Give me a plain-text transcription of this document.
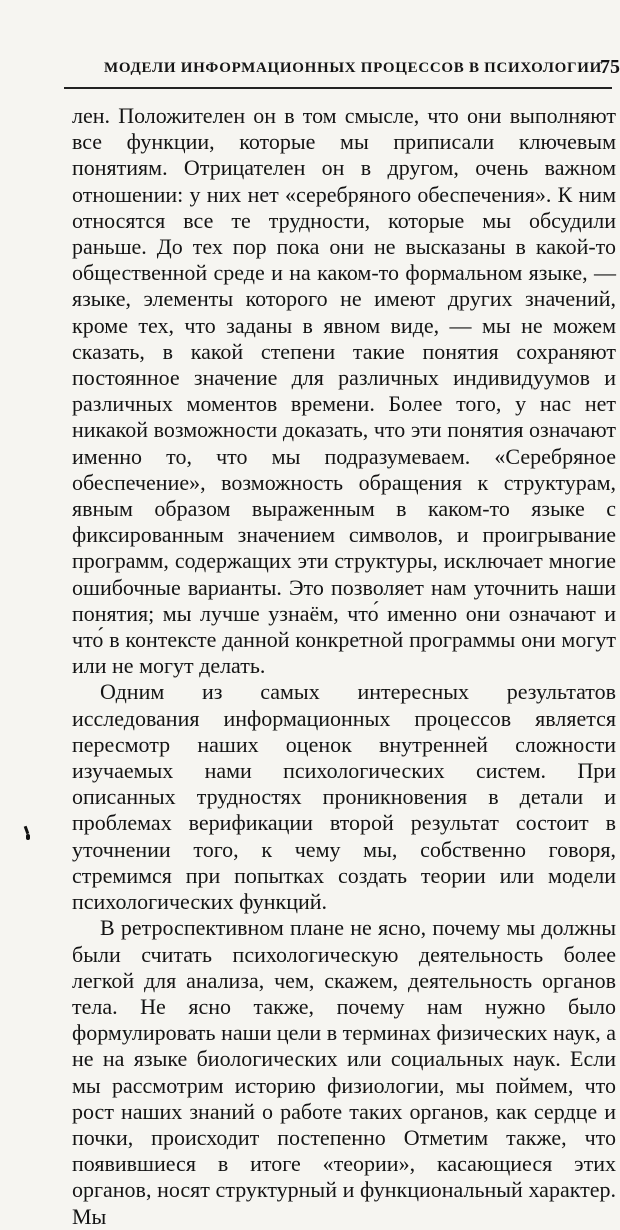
МОДЕЛИ ИНФОРМАЦИОННЫХ ПРОЦЕССОВ В ПСИХОЛОГИИ
75

лен. Положителен он в том смысле, что они выполняют все функции, которые мы приписали ключевым понятиям. Отрицателен он в другом, очень важном отношении: у них нет «серебряного обеспечения». К ним относятся все те трудности, которые мы обсудили раньше. До тех пор пока они не высказаны в какой-то общественной среде и на каком-то формальном языке, — языке, элементы которого не имеют других значений, кроме тех, что заданы в явном виде, — мы не можем сказать, в какой степени такие понятия сохраняют постоянное значение для различных индивидуумов и различных моментов времени. Более того, у нас нет никакой возможности доказать, что эти понятия означают именно то, что мы подразумеваем. «Серебряное обеспечение», возможность обращения к структурам, явным образом выраженным в каком-то языке с фиксированным значением символов, и проигрывание программ, содержащих эти структуры, исключает многие ошибочные варианты. Это позволяет нам уточнить наши понятия; мы лучше узнаём, что́ именно они означают и что́ в контексте данной конкретной программы они могут или не могут делать.

Одним из самых интересных результатов исследования информационных процессов является пересмотр наших оценок внутренней сложности изучаемых нами психологических систем. При описанных трудностях проникновения в детали и проблемах верификации второй результат состоит в уточнении того, к чему мы, собственно говоря, стремимся при попытках создать теории или модели психологических функций.

В ретроспективном плане не ясно, почему мы должны были считать психологическую деятельность более легкой для анализа, чем, скажем, деятельность органов тела. Не ясно также, почему нам нужно было формулировать наши цели в терминах физических наук, а не на языке биологических или социальных наук. Если мы рассмотрим историю физиологии, мы поймем, что рост наших знаний о работе таких органов, как сердце и почки, происходит постепенно Отметим также, что появившиеся в итоге «теории», касающиеся этих органов, носят структурный и функциональный характер. Мы
